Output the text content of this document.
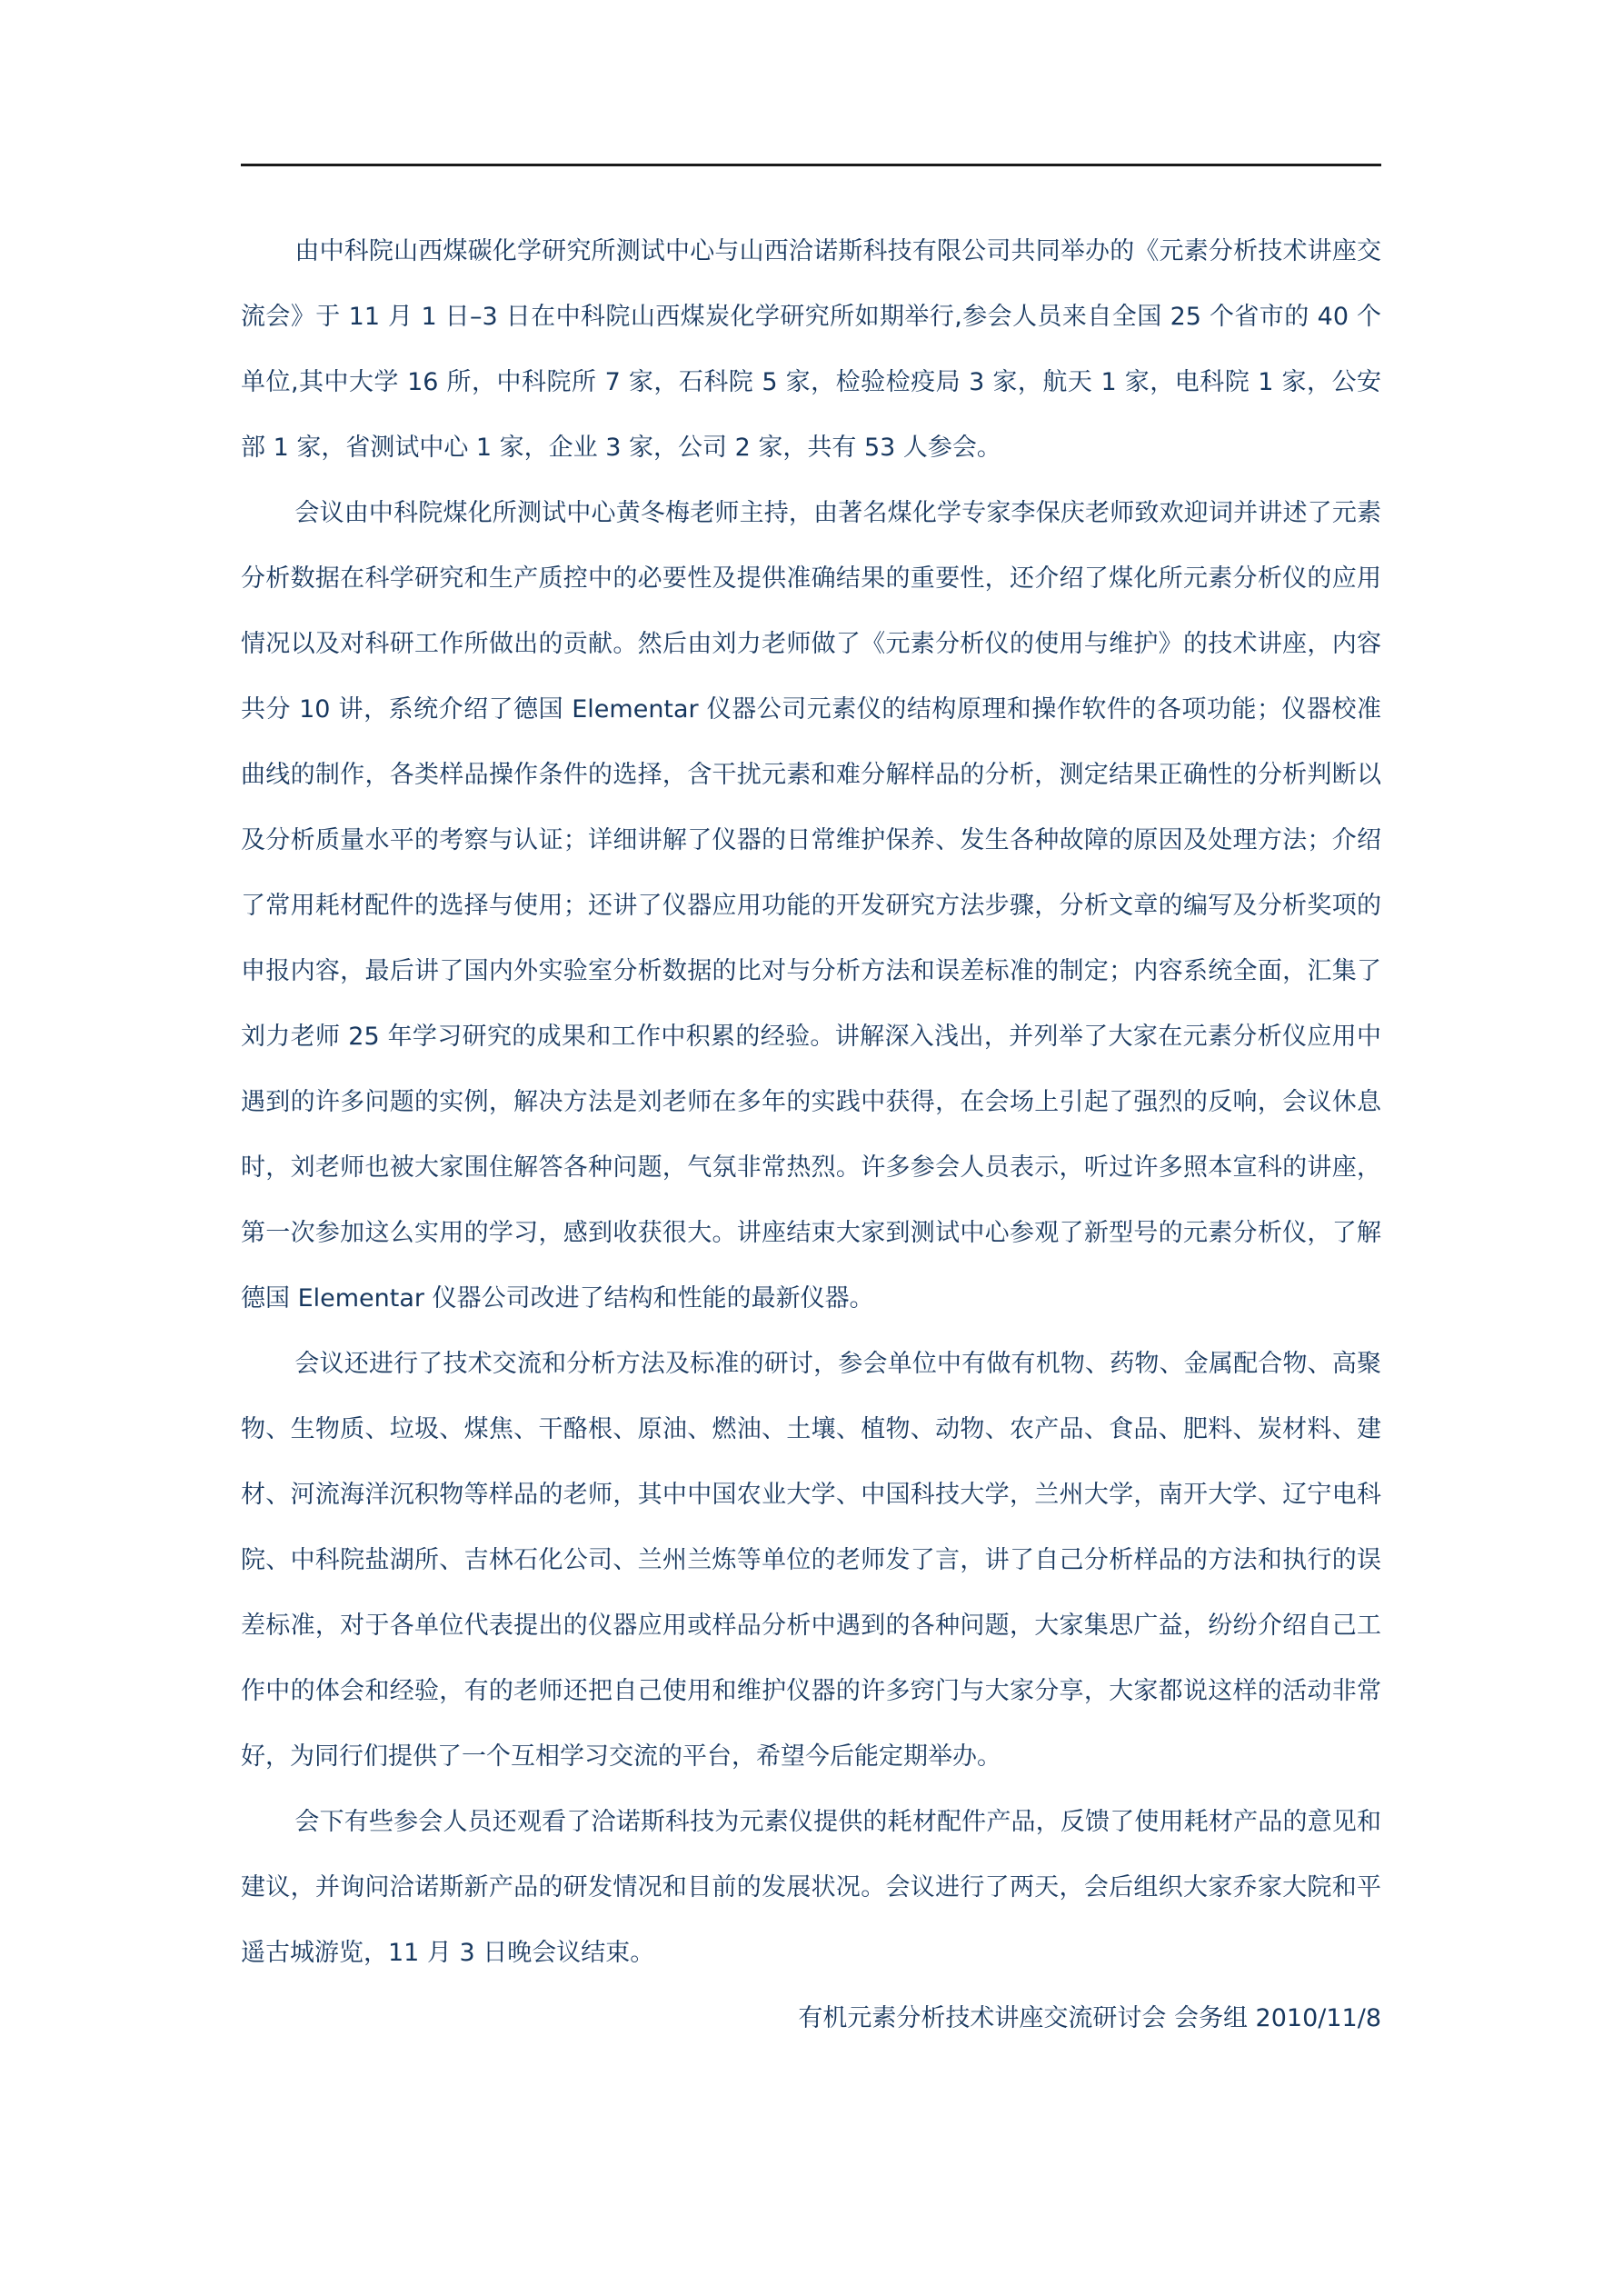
由中科院山西煤碳化学研究所测试中心与山西洽诺斯科技有限公司共同举办的《元素分析技术讲座交流会》于 11 月 1 日–3 日在中科院山西煤炭化学研究所如期举行,参会人员来自全国 25 个省市的 40 个单位,其中大学 16 所，中科院所 7 家，石科院 5 家，检验检疫局 3 家，航天 1 家，电科院 1 家，公安部 1 家，省测试中心 1 家，企业 3 家，公司 2 家，共有 53 人参会。

会议由中科院煤化所测试中心黄冬梅老师主持，由著名煤化学专家李保庆老师致欢迎词并讲述了元素分析数据在科学研究和生产质控中的必要性及提供准确结果的重要性，还介绍了煤化所元素分析仪的应用情况以及对科研工作所做出的贡献。然后由刘力老师做了《元素分析仪的使用与维护》的技术讲座，内容共分 10 讲，系统介绍了德国 Elementar 仪器公司元素仪的结构原理和操作软件的各项功能；仪器校准曲线的制作，各类样品操作条件的选择，含干扰元素和难分解样品的分析，测定结果正确性的分析判断以及分析质量水平的考察与认证；详细讲解了仪器的日常维护保养、发生各种故障的原因及处理方法；介绍了常用耗材配件的选择与使用；还讲了仪器应用功能的开发研究方法步骤，分析文章的编写及分析奖项的申报内容，最后讲了国内外实验室分析数据的比对与分析方法和误差标准的制定；内容系统全面，汇集了刘力老师 25 年学习研究的成果和工作中积累的经验。讲解深入浅出，并列举了大家在元素分析仪应用中遇到的许多问题的实例，解决方法是刘老师在多年的实践中获得，在会场上引起了强烈的反响，会议休息时，刘老师也被大家围住解答各种问题，气氛非常热烈。许多参会人员表示，听过许多照本宣科的讲座，第一次参加这么实用的学习，感到收获很大。讲座结束大家到测试中心参观了新型号的元素分析仪，了解德国 Elementar 仪器公司改进了结构和性能的最新仪器。

会议还进行了技术交流和分析方法及标准的研讨，参会单位中有做有机物、药物、金属配合物、高聚物、生物质、垃圾、煤焦、干酪根、原油、燃油、土壤、植物、动物、农产品、食品、肥料、炭材料、建材、河流海洋沉积物等样品的老师，其中中国农业大学、中国科技大学，兰州大学，南开大学、辽宁电科院、中科院盐湖所、吉林石化公司、兰州兰炼等单位的老师发了言，讲了自己分析样品的方法和执行的误差标准，对于各单位代表提出的仪器应用或样品分析中遇到的各种问题，大家集思广益，纷纷介绍自己工作中的体会和经验，有的老师还把自己使用和维护仪器的许多窍门与大家分享，大家都说这样的活动非常好，为同行们提供了一个互相学习交流的平台，希望今后能定期举办。

会下有些参会人员还观看了洽诺斯科技为元素仪提供的耗材配件产品，反馈了使用耗材产品的意见和建议，并询问洽诺斯新产品的研发情况和目前的发展状况。会议进行了两天，会后组织大家乔家大院和平遥古城游览，11 月 3 日晚会议结束。

有机元素分析技术讲座交流研讨会 会务组 2010/11/8
